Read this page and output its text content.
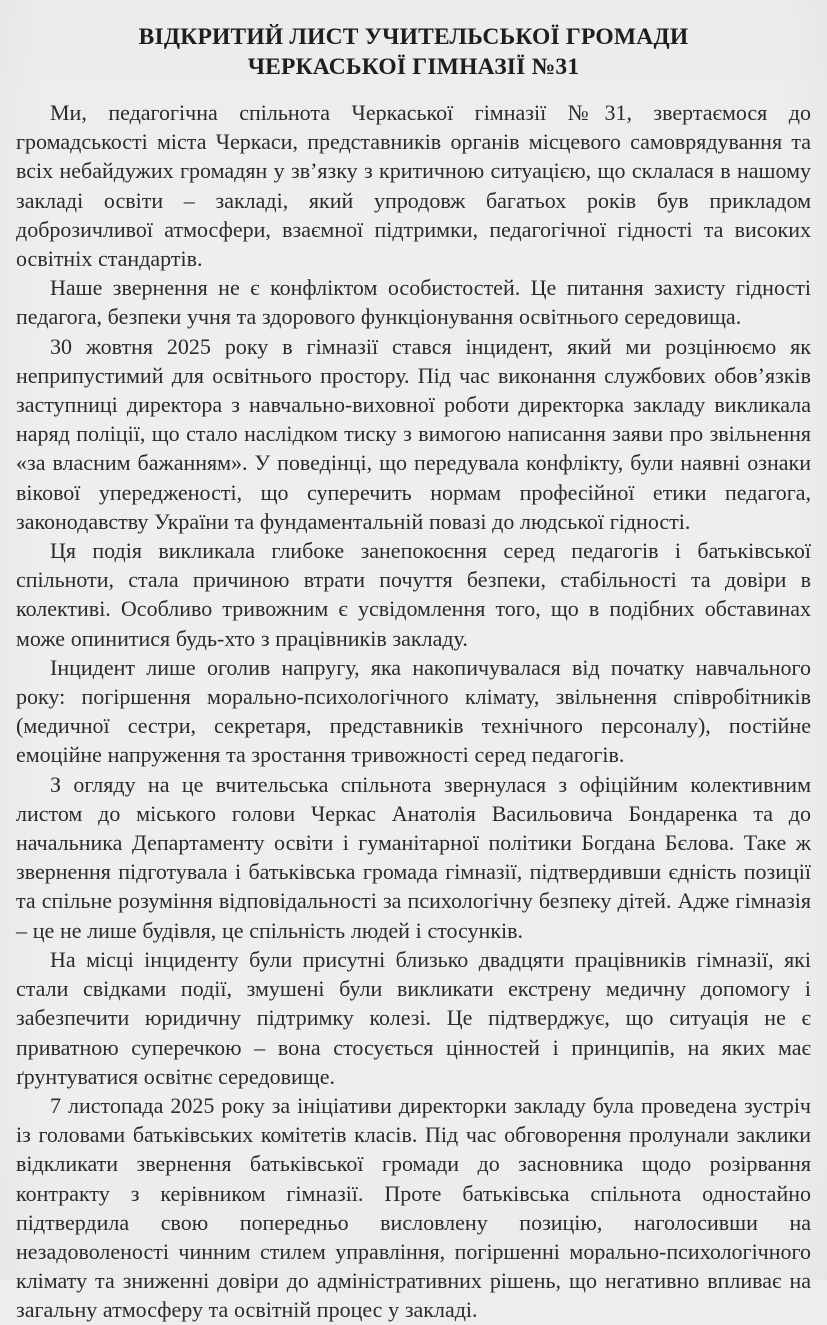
ВІДКРИТИЙ ЛИСТ УЧИТЕЛЬСЬКОЇ ГРОМАДИ
ЧЕРКАСЬКОЇ ГІМНАЗІЇ №31

Ми, педагогічна спільнота Черкаської гімназії №31, звертаємося до громадськості міста Черкаси, представників органів місцевого самоврядування та всіх небайдужих громадян у зв’язку з критичною ситуацією, що склалася в нашому закладі освіти – закладі, який упродовж багатьох років був прикладом доброзичливої атмосфери, взаємної підтримки, педагогічної гідності та високих освітніх стандартів.

Наше звернення не є конфліктом особистостей. Це питання захисту гідності педагога, безпеки учня та здорового функціонування освітнього середовища.

30 жовтня 2025 року в гімназії стався інцидент, який ми розцінюємо як неприпустимий для освітнього простору. Під час виконання службових обов’язків заступниці директора з навчально-виховної роботи директорка закладу викликала наряд поліції, що стало наслідком тиску з вимогою написання заяви про звільнення «за власним бажанням». У поведінці, що передувала конфлікту, були наявні ознаки вікової упередженості, що суперечить нормам професійної етики педагога, законодавству України та фундаментальній повазі до людської гідності.

Ця подія викликала глибоке занепокоєння серед педагогів і батьківської спільноти, стала причиною втрати почуття безпеки, стабільності та довіри в колективі. Особливо тривожним є усвідомлення того, що в подібних обставинах може опинитися будь-хто з працівників закладу.

Інцидент лише оголив напругу, яка накопичувалася від початку навчального року: погіршення морально-психологічного клімату, звільнення співробітників (медичної сестри, секретаря, представників технічного персоналу), постійне емоційне напруження та зростання тривожності серед педагогів.

З огляду на це вчительська спільнота звернулася з офіційним колективним листом до міського голови Черкас Анатолія Васильовича Бондаренка та до начальника Департаменту освіти і гуманітарної політики Богдана Бєлова. Таке ж звернення підготувала і батьківська громада гімназії, підтвердивши єдність позиції та спільне розуміння відповідальності за психологічну безпеку дітей. Адже гімназія – це не лише будівля, це спільність людей і стосунків.

На місці інциденту були присутні близько двадцяти працівників гімназії, які стали свідками події, змушені були викликати екстрену медичну допомогу і забезпечити юридичну підтримку колезі. Це підтверджує, що ситуація не є приватною суперечкою – вона стосується цінностей і принципів, на яких має ґрунтуватися освітнє середовище.

7 листопада 2025 року за ініціативи директорки закладу була проведена зустріч із головами батьківських комітетів класів. Під час обговорення пролунали заклики відкликати звернення батьківської громади до засновника щодо розірвання контракту з керівником гімназії. Проте батьківська спільнота одностайно підтвердила свою попередньо висловлену позицію, наголосивши на незадоволеності чинним стилем управління, погіршенні морально-психологічного клімату та зниженні довіри до адміністративних рішень, що негативно впливає на загальну атмосферу та освітній процес у закладі.
